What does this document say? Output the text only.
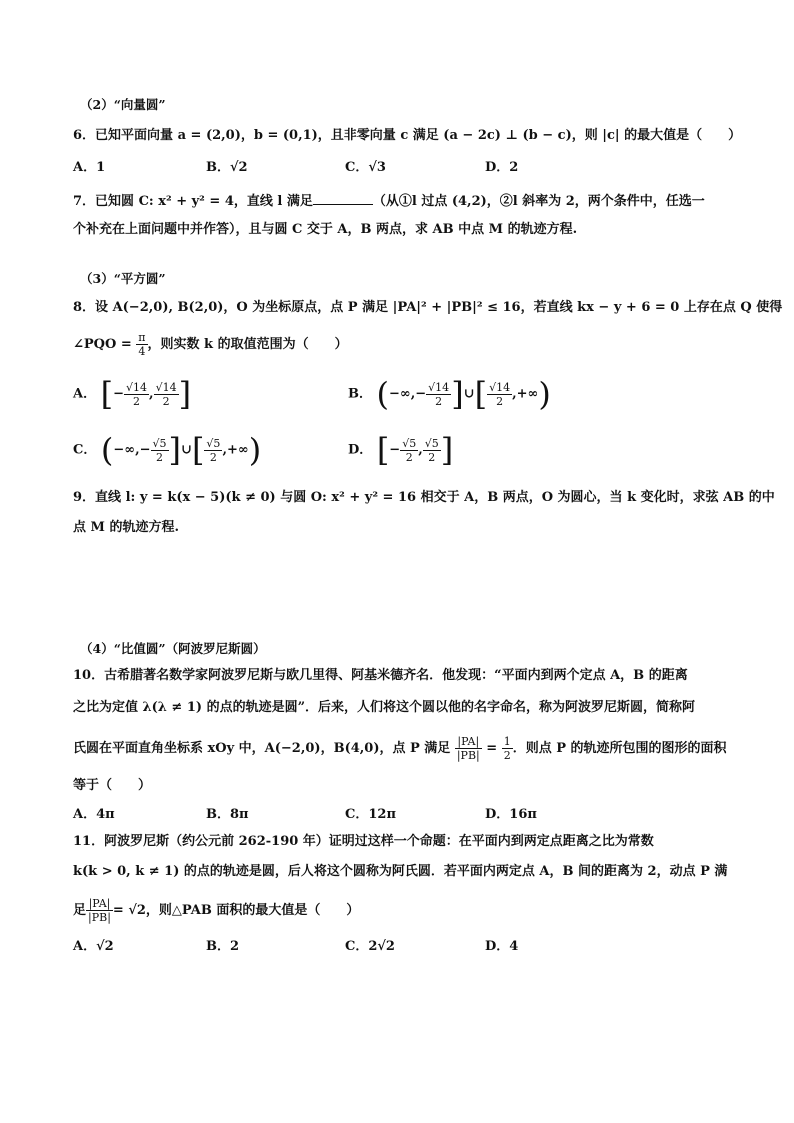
（2）“向量圆”
6．已知平面向量 a = (2,0)，b = (0,1)，且非零向量 c 满足 (a − 2c) ⊥ (b − c)，则 |c| 的最大值是（　　）
A．1	B．√2	C．√3	D．2
7．已知圆 C: x² + y² = 4，直线 l 满足	（从①l 过点 (4,2)，②l 斜率为 2，两个条件中，任选一
个补充在上面问题中并作答），且与圆 C 交于 A，B 两点，求 AB 中点 M 的轨迹方程.
（3）“平方圆”
8．设 A(−2,0), B(2,0)，O 为坐标原点，点 P 满足 |PA|² + |PB|² ≤ 16，若直线 kx − y + 6 = 0 上存在点 Q 使得
∠PQO = $\frac{\pi}{4}$ ，则实数 k 的取值范围为（　　）
A． [− $\frac{√14}{2}$ , $\frac{√14}{2}$ ]	B． (−∞,− $\frac{√14}{2}$ ]∪[ $\frac{√14}{2}$ ,+∞)
C． (−∞,− $\frac{√5}{2}$ ]∪[ $\frac{√5}{2}$ ,+∞)	D． [− $\frac{√5}{2}$ , $\frac{√5}{2}$ ]
9．直线 l: y = k(x − 5)(k ≠ 0) 与圆 O: x² + y² = 16 相交于 A，B 两点，O 为圆心，当 k 变化时，求弦 AB 的中
点 M 的轨迹方程.
（4）“比值圆”（阿波罗尼斯圆）
10．古希腊著名数学家阿波罗尼斯与欧几里得、阿基米德齐名．他发现：“平面内到两个定点 A，B 的距离
之比为定值 λ(λ ≠ 1) 的点的轨迹是圆”．后来，人们将这个圆以他的名字命名，称为阿波罗尼斯圆，简称阿
氏圆在平面直角坐标系 xOy 中，A(−2,0)，B(4,0)，点 P 满足 $\frac{|PA|}{|PB|} = \frac{1}{2}$ ．则点 P 的轨迹所包围的图形的面积
等于（　　）
A．4π	B．8π	C．12π	D．16π
11．阿波罗尼斯（约公元前 262-190 年）证明过这样一个命题：在平面内到两定点距离之比为常数
k(k > 0, k ≠ 1) 的点的轨迹是圆，后人将这个圆称为阿氏圆．若平面内两定点 A，B 间的距离为 2，动点 P 满
足 $\frac{|PA|}{|PB|} = √2$，则△PAB 面积的最大值是（　　）
A．√2	B．2	C．2√2	D．4
